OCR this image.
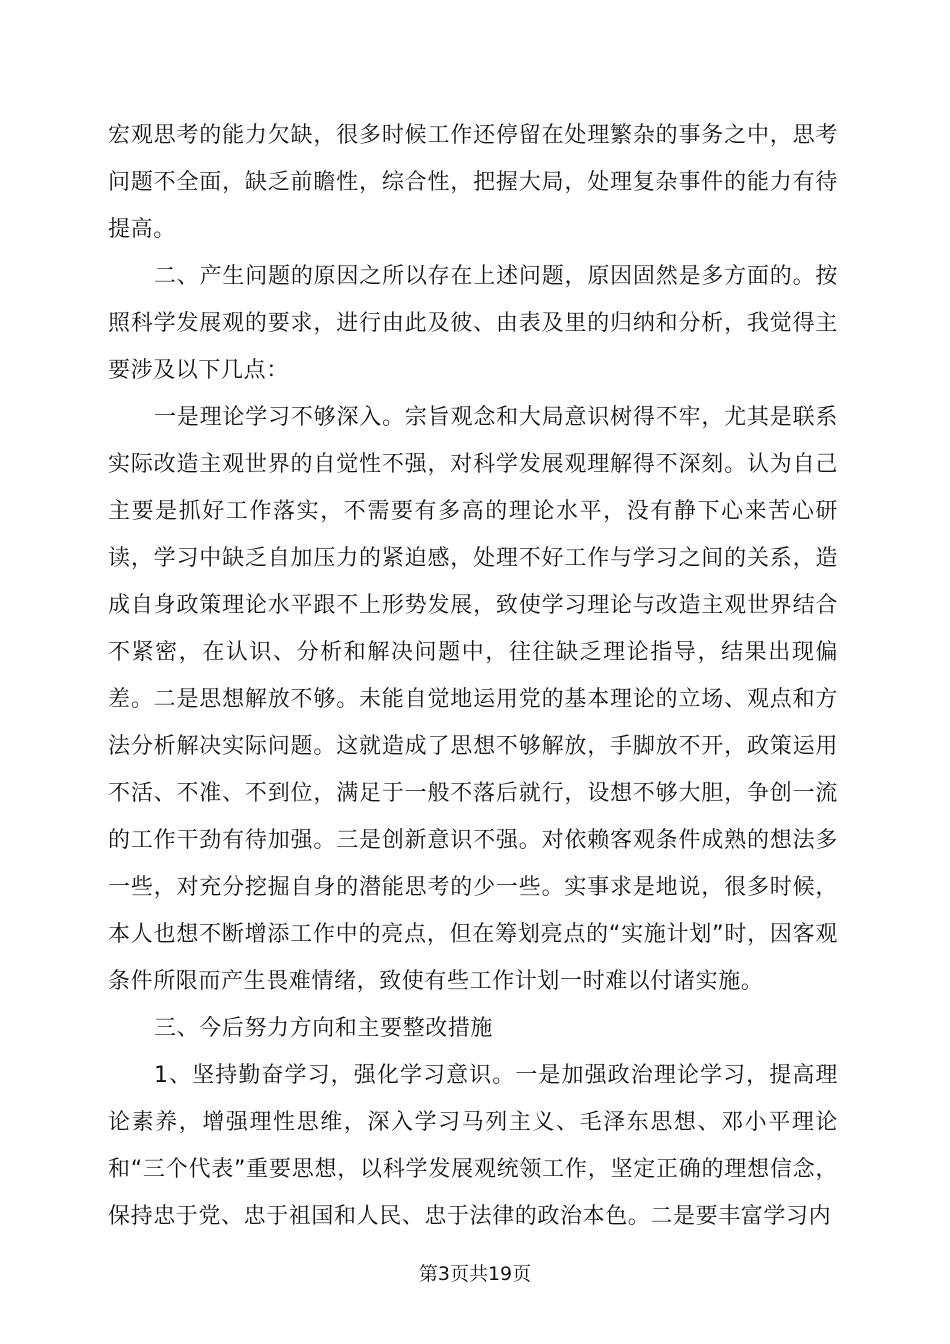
宏观思考的能力欠缺，很多时候工作还停留在处理繁杂的事务之中，思考问题不全面，缺乏前瞻性，综合性，把握大局，处理复杂事件的能力有待提高。

二、产生问题的原因之所以存在上述问题，原因固然是多方面的。按照科学发展观的要求，进行由此及彼、由表及里的归纳和分析，我觉得主要涉及以下几点：

一是理论学习不够深入。宗旨观念和大局意识树得不牢，尤其是联系实际改造主观世界的自觉性不强，对科学发展观理解得不深刻。认为自己主要是抓好工作落实，不需要有多高的理论水平，没有静下心来苦心研读，学习中缺乏自加压力的紧迫感，处理不好工作与学习之间的关系，造成自身政策理论水平跟不上形势发展，致使学习理论与改造主观世界结合不紧密，在认识、分析和解决问题中，往往缺乏理论指导，结果出现偏差。二是思想解放不够。未能自觉地运用党的基本理论的立场、观点和方法分析解决实际问题。这就造成了思想不够解放，手脚放不开，政策运用不活、不准、不到位，满足于一般不落后就行，设想不够大胆，争创一流的工作干劲有待加强。三是创新意识不强。对依赖客观条件成熟的想法多一些，对充分挖掘自身的潜能思考的少一些。实事求是地说，很多时候，本人也想不断增添工作中的亮点，但在筹划亮点的“实施计划”时，因客观条件所限而产生畏难情绪，致使有些工作计划一时难以付诸实施。

三、今后努力方向和主要整改措施

1、坚持勤奋学习，强化学习意识。一是加强政治理论学习，提高理论素养，增强理性思维，深入学习马列主义、毛泽东思想、邓小平理论和“三个代表”重要思想，以科学发展观统领工作，坚定正确的理想信念，保持忠于党、忠于祖国和人民、忠于法律的政治本色。二是要丰富学习内

第3页共19页
